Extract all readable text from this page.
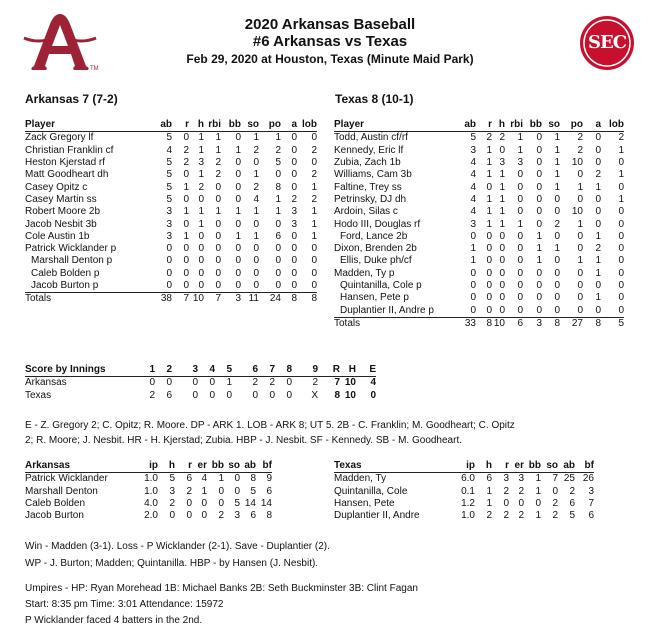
TM
SEC
2020 Arkansas Baseball
#6 Arkansas vs Texas
Feb 29, 2020 at Houston, Texas (Minute Maid Park)
Arkansas 7 (7-2)	Texas 8 (10-1)
Player	ab	r	h	rbi	bb	so	po	a	lob
Zack Gregory lf	5	0	1	1	0	1	1	0	0
Christian Franklin cf	4	2	1	1	1	2	2	0	2
Heston Kjerstad rf	5	2	3	2	0	0	5	0	0
Matt Goodheart dh	5	0	1	2	0	1	0	0	2
Casey Opitz c	5	1	2	0	0	2	8	0	1
Casey Martin ss	5	0	0	0	0	4	1	2	2
Robert Moore 2b	3	1	1	1	1	1	1	3	1
Jacob Nesbit 3b	3	0	1	0	0	0	0	3	1
Cole Austin 1b	3	1	0	0	1	1	6	0	1
Patrick Wicklander p	0	0	0	0	0	0	0	0	0
Marshall Denton p	0	0	0	0	0	0	0	0	0
Caleb Bolden p	0	0	0	0	0	0	0	0	0
Jacob Burton p	0	0	0	0	0	0	0	0	0
Totals	38	7	10	7	3	11	24	8	8
Player	ab	r	h	rbi	bb	so	po	a	lob
Todd, Austin cf/rf	5	2	2	1	0	1	2	0	2
Kennedy, Eric lf	3	1	0	1	0	1	2	0	1
Zubia, Zach 1b	4	1	3	3	0	1	10	0	0
Williams, Cam 3b	4	1	1	0	0	1	0	2	1
Faltine, Trey ss	4	0	1	0	0	1	1	1	0
Petrinsky, DJ dh	4	1	1	0	0	0	0	0	1
Ardoin, Silas c	4	1	1	0	0	0	10	0	0
Hodo III, Douglas rf	3	1	1	1	0	2	1	0	0
Ford, Lance 2b	0	0	0	0	1	0	0	1	0
Dixon, Brenden 2b	1	0	0	0	1	1	0	2	0
Ellis, Duke ph/cf	1	0	0	0	1	0	1	1	0
Madden, Ty p	0	0	0	0	0	0	0	1	0
Quintanilla, Cole p	0	0	0	0	0	0	0	0	0
Hansen, Pete p	0	0	0	0	0	0	0	1	0
Duplantier II, Andre p	0	0	0	0	0	0	0	0	0
Totals	33	8	10	6	3	8	27	8	5
Score by Innings	1	2	3	4	5	6	7	8	9	R	H	E
Arkansas	0	0	0	0	1	2	2	0	2	7	10	4
Texas	2	6	0	0	0	0	0	0	X	8	10	0
E - Z. Gregory 2; C. Opitz; R. Moore. DP - ARK 1. LOB - ARK 8; UT 5. 2B - C. Franklin; M. Goodheart; C. Opitz
2; R. Moore; J. Nesbit. HR - H. Kjerstad; Zubia. HBP - J. Nesbit. SF - Kennedy. SB - M. Goodheart.
Arkansas	ip	h	r	er	bb	so	ab	bf
Patrick Wicklander	1.0	5	6	4	1	0	8	9
Marshall Denton	1.0	3	2	1	0	0	5	6
Caleb Bolden	4.0	2	0	0	0	5	14	14
Jacob Burton	2.0	0	0	0	2	3	6	8
Texas	ip	h	r	er	bb	so	ab	bf
Madden, Ty	6.0	6	3	3	1	7	25	26
Quintanilla, Cole	0.1	1	2	2	1	0	2	3
Hansen, Pete	1.2	1	0	0	0	2	6	7
Duplantier II, Andre	1.0	2	2	2	1	2	5	6
Win - Madden (3-1). Loss - P Wicklander (2-1). Save - Duplantier (2).
WP - J. Burton; Madden; Quintanilla. HBP - by Hansen (J. Nesbit).
Umpires - HP: Ryan Morehead 1B: Michael Banks 2B: Seth Buckminster 3B: Clint Fagan
Start: 8:35 pm Time: 3:01 Attendance: 15972
P Wicklander faced 4 batters in the 2nd.
